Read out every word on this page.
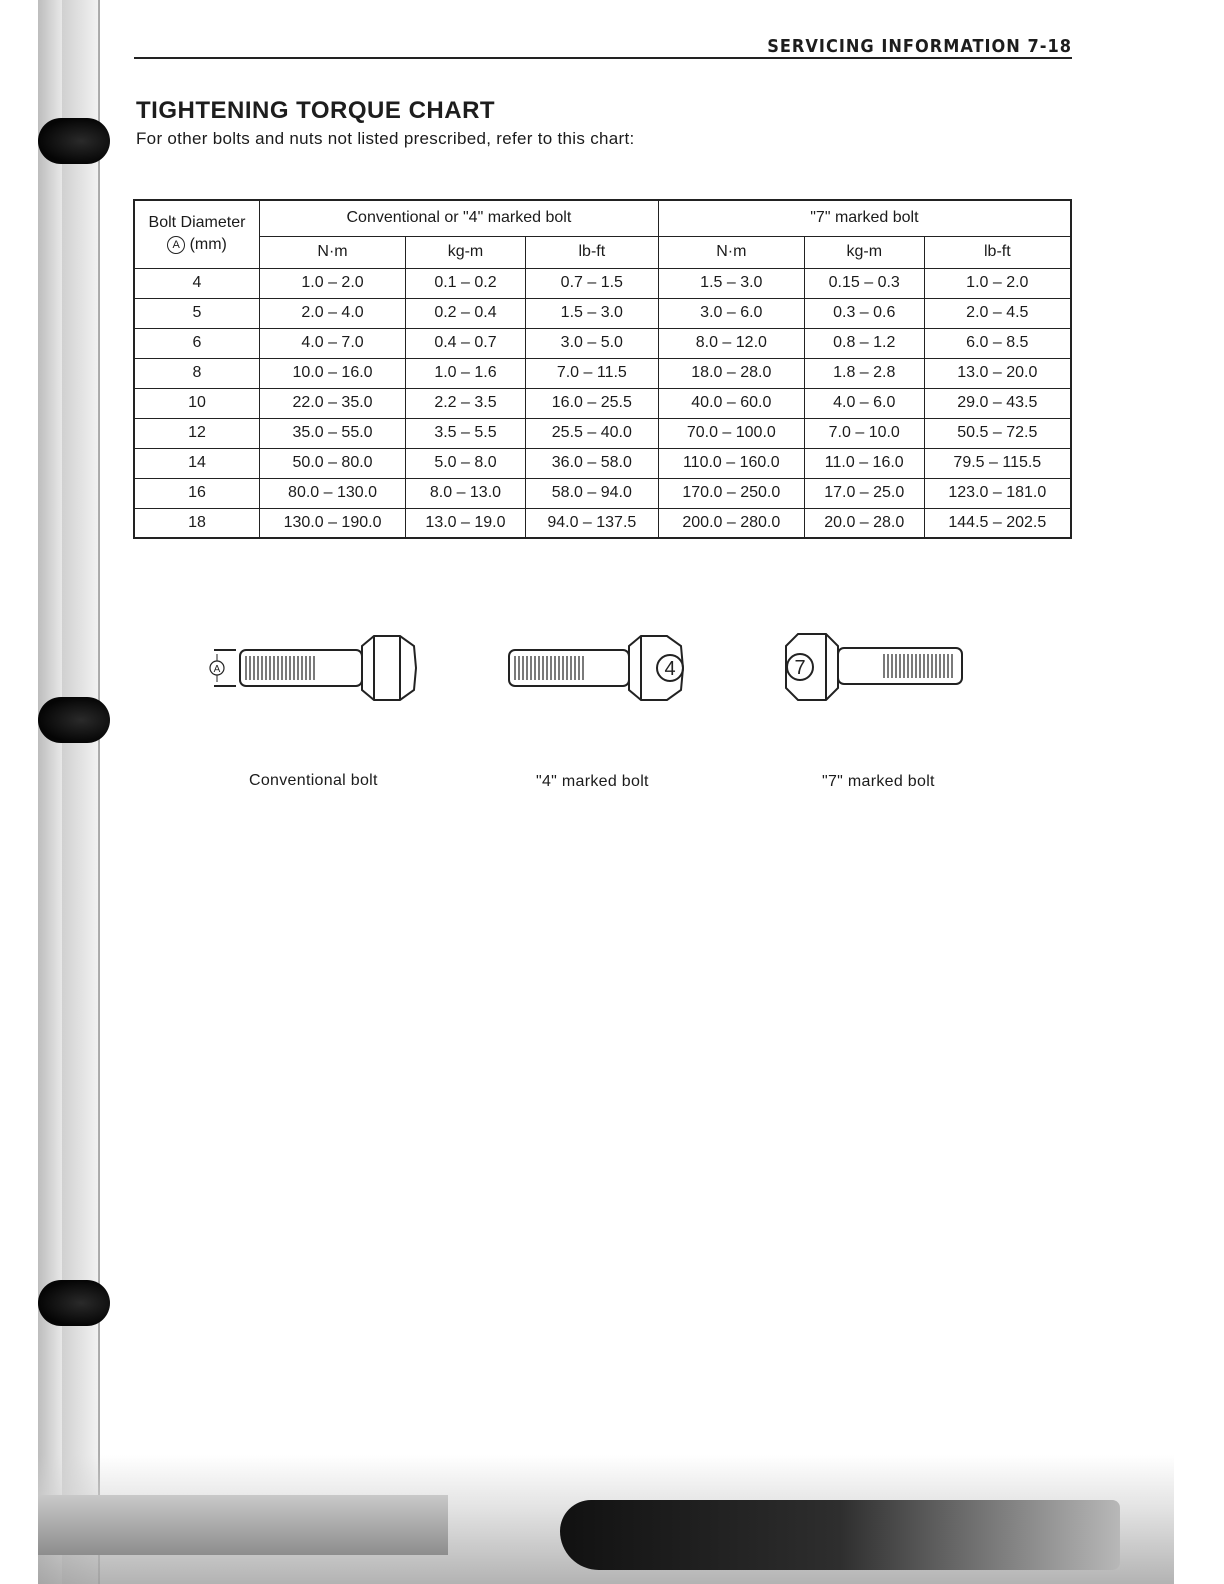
SERVICING INFORMATION 7-18
TIGHTENING TORQUE CHART
For other bolts and nuts not listed prescribed, refer to this chart:
Bolt Diameter
A (mm)	Conventional or "4" marked bolt			"7" marked bolt		
	N·m	kg-m	lb-ft	N·m	kg-m	lb-ft
4	1.0 – 2.0	0.1 – 0.2	0.7 – 1.5	1.5 – 3.0	0.15 – 0.3	1.0 – 2.0
5	2.0 – 4.0	0.2 – 0.4	1.5 – 3.0	3.0 – 6.0	0.3 – 0.6	2.0 – 4.5
6	4.0 – 7.0	0.4 – 0.7	3.0 – 5.0	8.0 – 12.0	0.8 – 1.2	6.0 – 8.5
8	10.0 – 16.0	1.0 – 1.6	7.0 – 11.5	18.0 – 28.0	1.8 – 2.8	13.0 – 20.0
10	22.0 – 35.0	2.2 – 3.5	16.0 – 25.5	40.0 – 60.0	4.0 – 6.0	29.0 – 43.5
12	35.0 – 55.0	3.5 – 5.5	25.5 – 40.0	70.0 – 100.0	7.0 – 10.0	50.5 – 72.5
14	50.0 – 80.0	5.0 – 8.0	36.0 – 58.0	110.0 – 160.0	11.0 – 16.0	79.5 – 115.5
16	80.0 – 130.0	8.0 – 13.0	58.0 – 94.0	170.0 – 250.0	17.0 – 25.0	123.0 – 181.0
18	130.0 – 190.0	13.0 – 19.0	94.0 – 137.5	200.0 – 280.0	20.0 – 28.0	144.5 – 202.5
A	4	7
Conventional bolt	"4" marked bolt	"7" marked bolt
